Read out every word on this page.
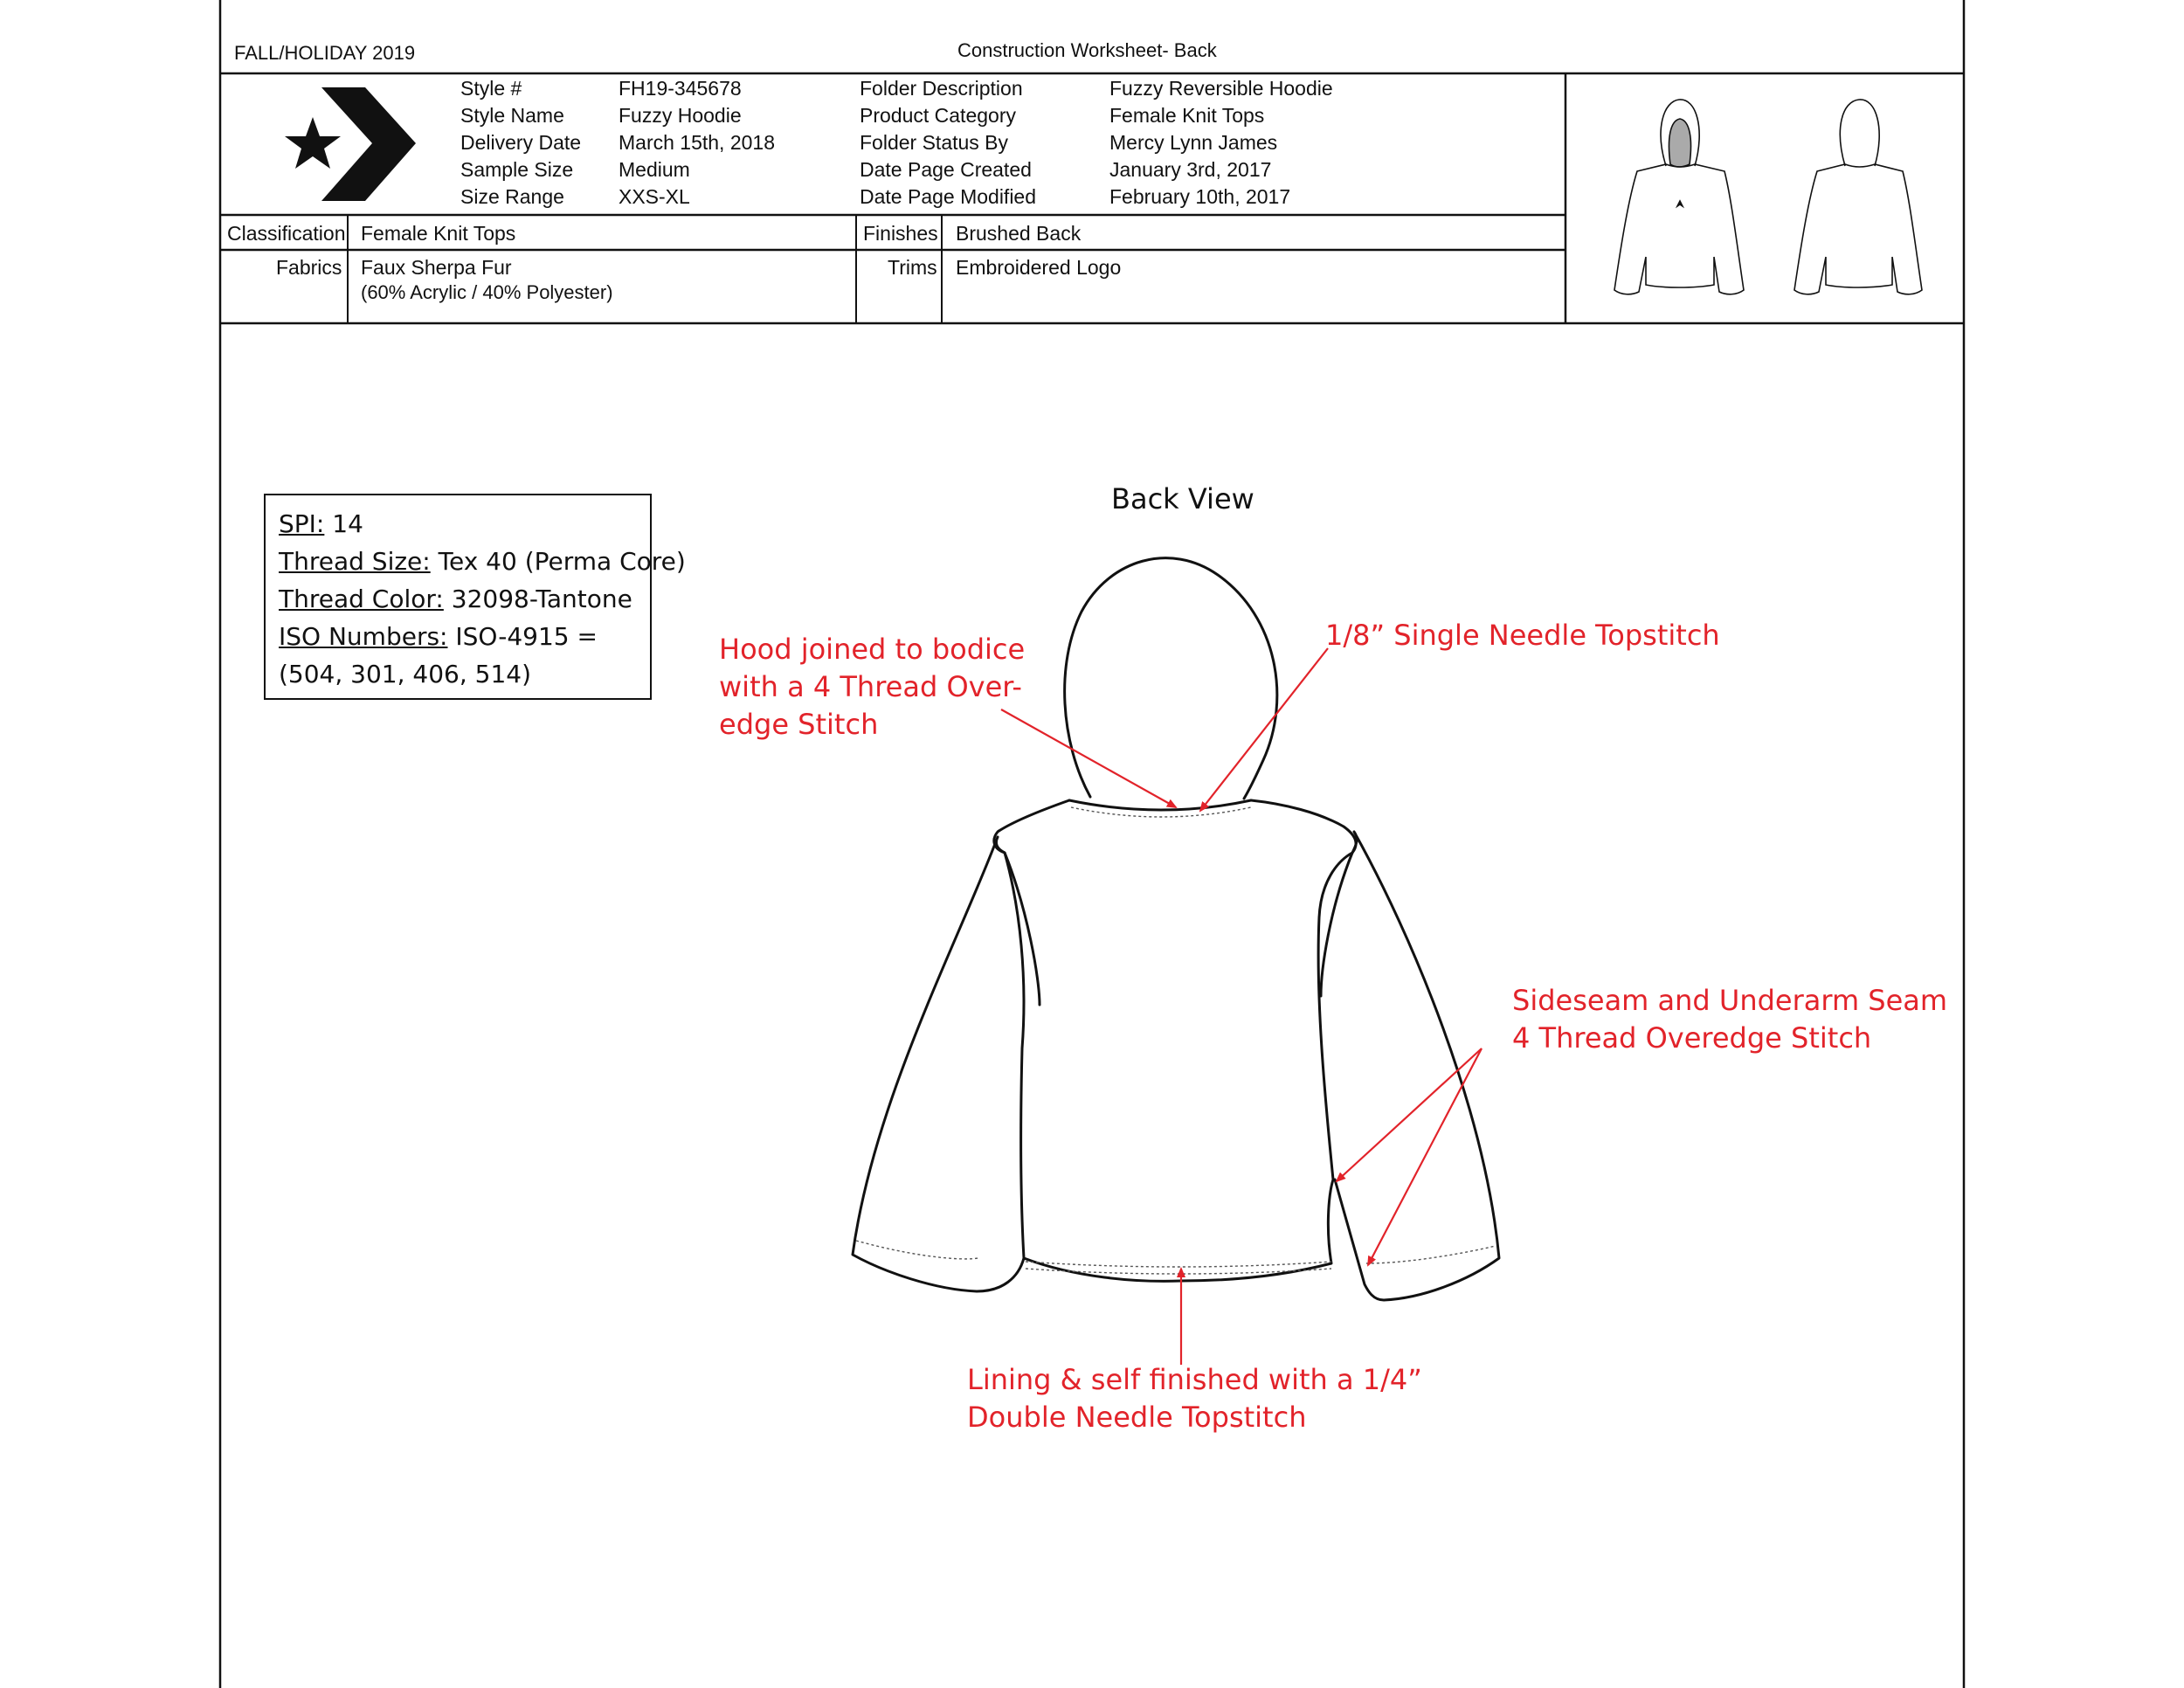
FALL/HOLIDAY 2019	Construction Worksheet- Back
Style #
Style Name
Delivery Date
Sample Size
Size Range
FH19-345678
Fuzzy Hoodie
March 15th, 2018
Medium
XXS-XL
Folder Description
Product Category
Folder Status By
Date Page Created
Date Page Modified
Fuzzy Reversible Hoodie
Female Knit Tops
Mercy Lynn James
January 3rd, 2017
February 10th, 2017
Classification Female Knit Tops	Finishes Brushed Back
Fabrics Faux Sherpa Fur
(60% Acrylic / 40% Polyester)
Trims Embroidered Logo
SPI: 14
Thread Size: Tex 40 (Perma Core)
Thread Color: 32098-Tantone
ISO Numbers: ISO-4915 =
(504, 301, 406, 514)
Back View
Hood joined to bodice
with a 4 Thread Over-
edge Stitch
1/8” Single Needle Topstitch
Sideseam and Underarm Seam
4 Thread Overedge Stitch
Lining & self finished with a 1/4”
Double Needle Topstitch
